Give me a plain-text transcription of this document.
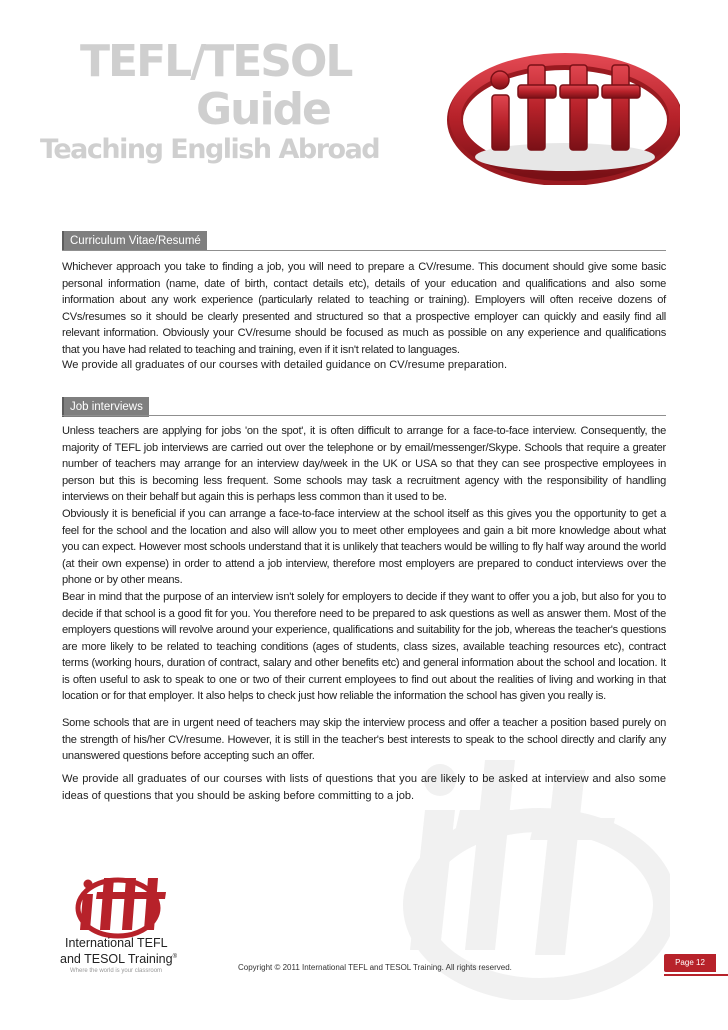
TEFL/TESOL
Guide
Teaching English Abroad
Curriculum Vitae/Resumé
Whichever approach you take to finding a job, you will need to prepare a CV/resume. This document should give some basic personal information (name, date of birth, contact details etc), details of your education and qualifications and also some information about any work experience (particularly related to teaching or training). Employers will often receive dozens of CVs/resumes so it should be clearly presented and structured so that a prospective employer can quickly and easily find all relevant information. Obviously your CV/resume should be focused as much as possible on any experience and qualifications that you have had related to teaching and training, even if it isn't related to languages.
We provide all graduates of our courses with detailed guidance on CV/resume preparation.
Job interviews
Unless teachers are applying for jobs 'on the spot', it is often difficult to arrange for a face-to-face interview. Consequently, the majority of TEFL job interviews are carried out over the telephone or by email/messenger/Skype. Schools that require a greater number of teachers may arrange for an interview day/week in the UK or USA so that they can see prospective employees in person but this is becoming less frequent. Some schools may task a recruitment agency with the responsibility of handling interviews on their behalf but again this is perhaps less common than it used to be.
Obviously it is beneficial if you can arrange a face-to-face interview at the school itself as this gives you the opportunity to get a feel for the school and the location and also will allow you to meet other employees and gain a bit more knowledge about what you can expect. However most schools understand that it is unlikely that teachers would be willing to fly half way around the world (at their own expense) in order to attend a job interview, therefore most employers are prepared to conduct interviews over the phone or by other means.
Bear in mind that the purpose of an interview isn't solely for employers to decide if they want to offer you a job, but also for you to decide if that school is a good fit for you. You therefore need to be prepared to ask questions as well as answer them. Most of the employers questions will revolve around your experience, qualifications and suitability for the job, whereas the teacher's questions are more likely to be related to teaching conditions (ages of students, class sizes, available teaching resources etc), contract terms (working hours, duration of contract, salary and other benefits etc) and general information about the school and location. It is often useful to ask to speak to one or two of their current employees to find out about the realities of living and working in that location or for that employer. It also helps to check just how reliable the information the school has given you really is.
Some schools that are in urgent need of teachers may skip the interview process and offer a teacher a position based purely on the strength of his/her CV/resume. However, it is still in the teacher's best interests to speak to the school directly and clarify any unanswered questions before accepting such an offer.
We provide all graduates of our courses with lists of questions that you are likely to be asked at interview and also some ideas of questions that you should be asking before committing to a job.
International TEFL
and TESOL Training®
Where the world is your classroom	Copyright © 2011 International TEFL and TESOL Training. All rights reserved.
Page 12
